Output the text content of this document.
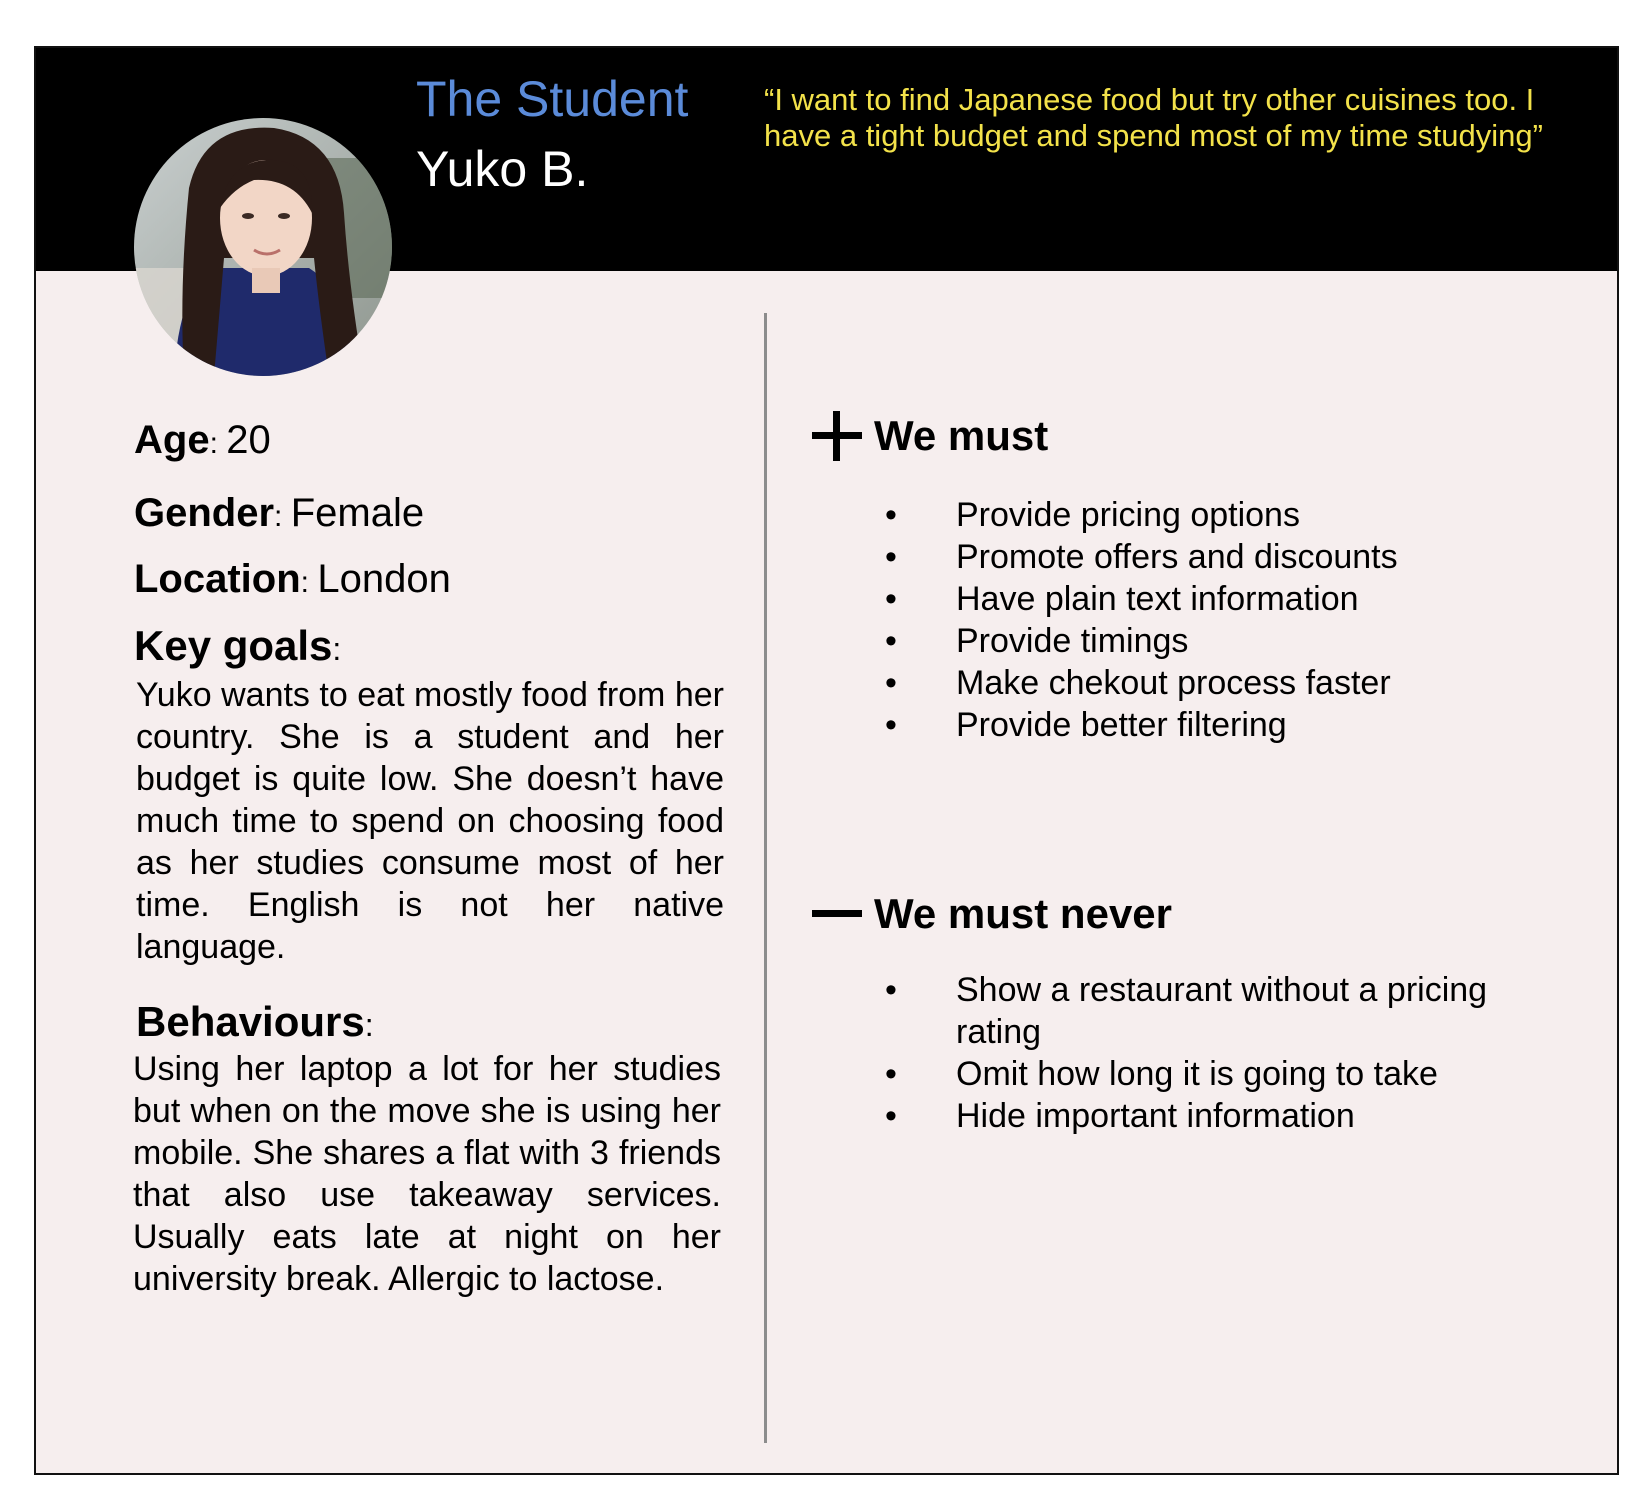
The Student
Yuko B.
“I want to find Japanese food but try other cuisines too. I have a tight budget and spend most of my time studying”
Age: 20
Gender: Female
Location: London
Key goals:
Yuko wants to eat mostly food from her country. She is a student and her budget is quite low. She doesn’t have much time to spend on choosing food as her studies consume most of her time. English is not her native language.
Behaviours:
Using her laptop a lot for her studies but when on the move she is using her mobile. She shares a flat with 3 friends that also use takeaway services. Usually eats late at night on her university break. Allergic to lactose.
We must
• Provide pricing options
• Promote offers and discounts
• Have plain text information
• Provide timings
• Make chekout process faster
• Provide better filtering
We must never
• Show a restaurant without a pricing rating
• Omit how long it is going to take
• Hide important information
